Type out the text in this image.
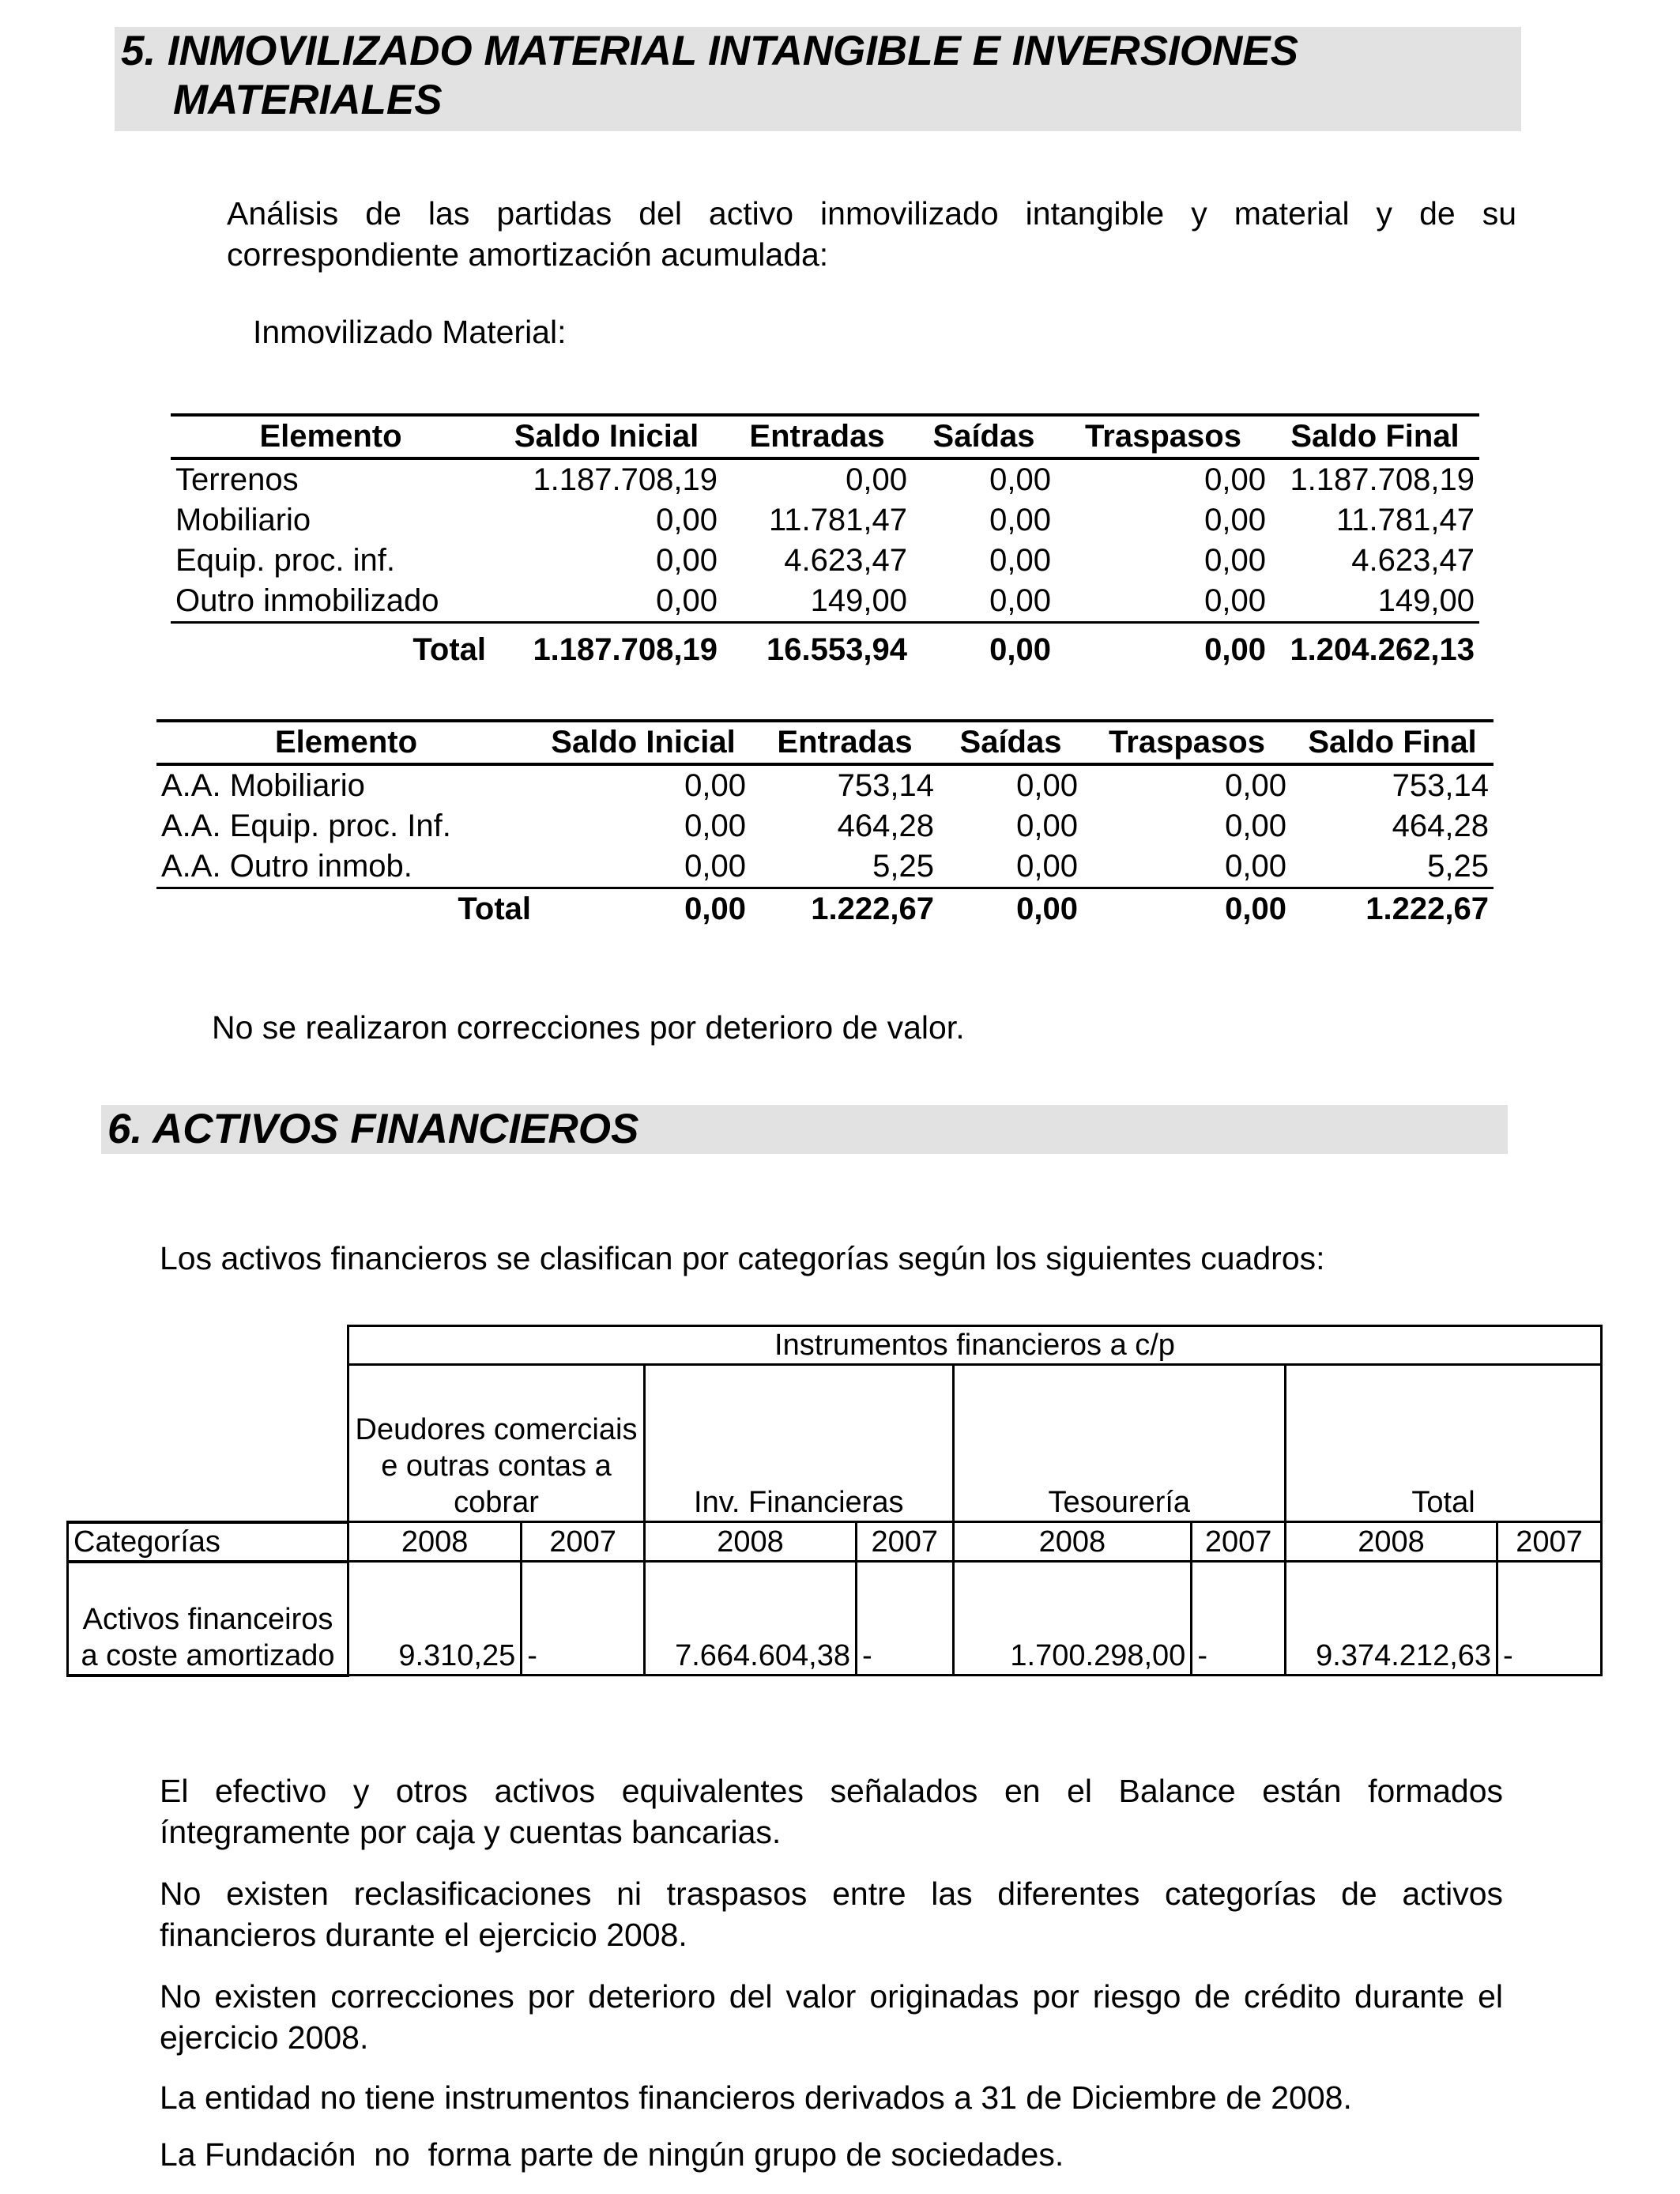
5. INMOVILIZADO MATERIAL INTANGIBLE E INVERSIONES
MATERIALES
Análisis de las partidas del activo inmovilizado intangible y material y de su correspondiente amortización acumulada:
Inmovilizado Material:
Elemento	Saldo Inicial	Entradas	Saídas	Traspasos	Saldo Final
Terrenos	1.187.708,19	0,00	0,00	0,00	1.187.708,19
Mobiliario	0,00	11.781,47	0,00	0,00	11.781,47
Equip. proc. inf.	0,00	4.623,47	0,00	0,00	4.623,47
Outro inmobilizado	0,00	149,00	0,00	0,00	149,00
Total	1.187.708,19	16.553,94	0,00	0,00	1.204.262,13
Elemento	Saldo Inicial	Entradas	Saídas	Traspasos	Saldo Final
A.A. Mobiliario	0,00	753,14	0,00	0,00	753,14
A.A. Equip. proc. Inf.	0,00	464,28	0,00	0,00	464,28
A.A. Outro inmob.	0,00	5,25	0,00	0,00	5,25
Total	0,00	1.222,67	0,00	0,00	1.222,67
No se realizaron correcciones por deterioro de valor.
6. ACTIVOS FINANCIEROS
Los activos financieros se clasifican por categorías según los siguientes cuadros:
	Instrumentos financieros a c/p							

	Deudores comerciais e outras contas a cobrar		Inv. Financieras		Tesourería		Total	
Categorías	2008	2007	2008	2007	2008	2007	2008	2007

Activos financeiros a coste amortizado	9.310,25	-	7.664.604,38	-	1.700.298,00	-	9.374.212,63	-
El efectivo y otros activos equivalentes señalados en el Balance están formados íntegramente por caja y cuentas bancarias.
No existen reclasificaciones ni traspasos entre las diferentes categorías de activos financieros durante el ejercicio 2008.
No existen correcciones por deterioro del valor originadas por riesgo de crédito durante el ejercicio 2008.
La entidad no tiene instrumentos financieros derivados a 31 de Diciembre de 2008.
La Fundación  no  forma parte de ningún grupo de sociedades.
